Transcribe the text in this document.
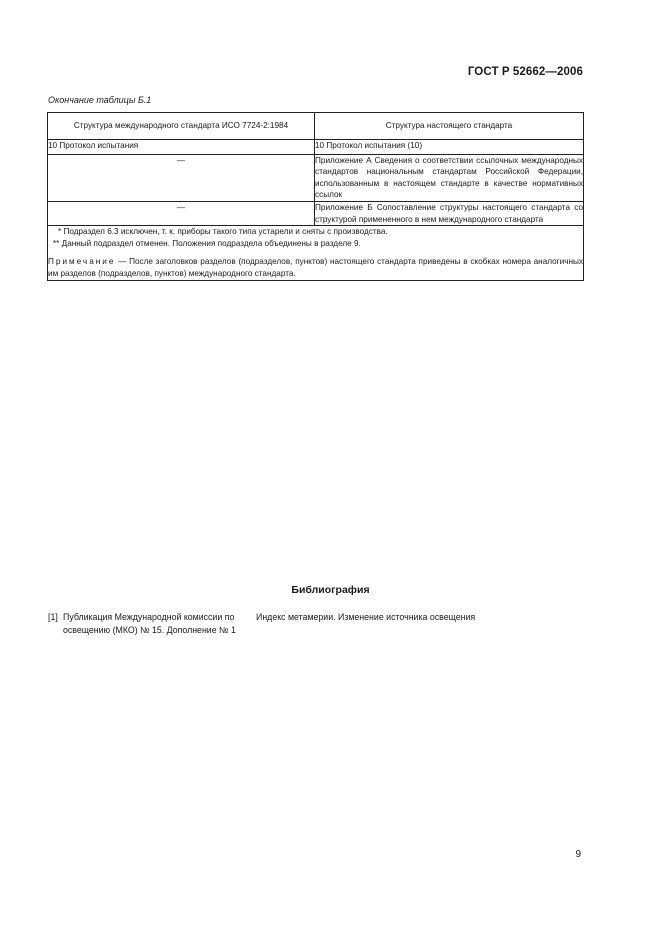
ГОСТ Р 52662—2006
Окончание таблицы Б.1
Структура международного стандарта ИСО 7724-2:1984	Структура настоящего стандарта
10 Протокол испытания	10 Протокол испытания (10)
—	Приложение А Сведения о соответствии ссылочных международных стандартов национальным стандартам Российской Федерации, использованным в настоящем стандарте в качестве нормативных ссылок
—	Приложение Б Сопоставление структуры настоящего стандарта со структурой примененного в нем международного стандарта

* Подраздел 6.3 исключен, т. к. приборы такого типа устарели и сняты с производства.
** Данный подраздел отменен. Положения подраздела объединены в разделе 9.
Примечание — После заголовков разделов (подразделов, пунктов) настоящего стандарта приведены в скобках номера аналогичных им разделов (подразделов, пунктов) международного стандарта.	
Библиография
[1] Публикация Международной комиссии по освещению (МКО) № 15. Дополнение № 1
Индекс метамерии. Изменение источника освещения
9
